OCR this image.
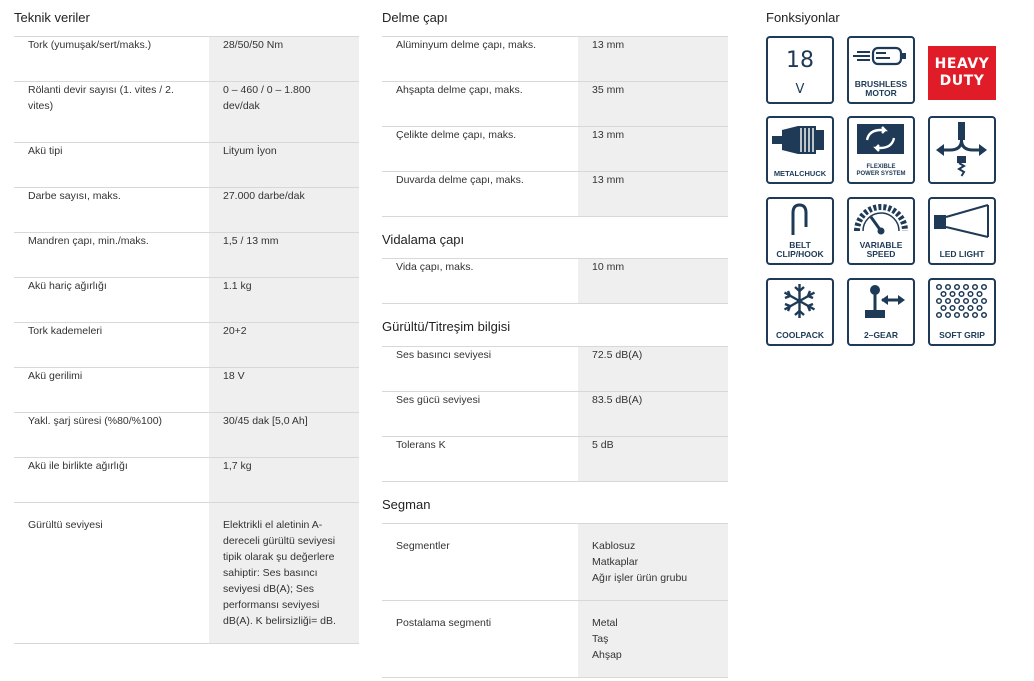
Teknik veriler
Tork (yumuşak/sert/maks.)	28/50/50 Nm
Rölanti devir sayısı (1. vites / 2. vites)	0 – 460 / 0 – 1.800 dev/dak
Akü tipi	Lityum İyon
Darbe sayısı, maks.	27.000 darbe/dak
Mandren çapı, min./maks.	1,5 / 13 mm
Akü hariç ağırlığı	1.1 kg
Tork kademeleri	20+2
Akü gerilimi	18 V
Yakl. şarj süresi (%80/%100)	30/45 dak [5,0 Ah]
Akü ile birlikte ağırlığı	1,7 kg
Gürültü seviyesi	Elektrikli el aletinin A-dereceli gürültü seviyesi tipik olarak şu değerlere sahiptir: Ses basıncı seviyesi dB(A); Ses performansı seviyesi dB(A). K belirsizliği= dB.
Delme çapı
Alüminyum delme çapı, maks.	13 mm
Ahşapta delme çapı, maks.	35 mm
Çelikte delme çapı, maks.	13 mm
Duvarda delme çapı, maks.	13 mm
Vidalama çapı
Vida çapı, maks.	10 mm
Gürültü/Titreşim bilgisi
Ses basıncı seviyesi	72.5 dB(A)
Ses gücü seviyesi	83.5 dB(A)
Tolerans K	5 dB
Segman
Segmentler	Kablosuz
Matkaplar
Ağır işler ürün grubu

Postalama segmenti	Metal
Taş
Ahşap
Fonksiyonlar
18
V	BRUSHLESS
MOTOR
HEAVY
DUTY
METALCHUCK
FLEXIBLE
POWER SYSTEM
BELT
CLIP/HOOK
VARIABLE
SPEED	LED LIGHT
COOLPACK	2–GEAR	SOFT GRIP
